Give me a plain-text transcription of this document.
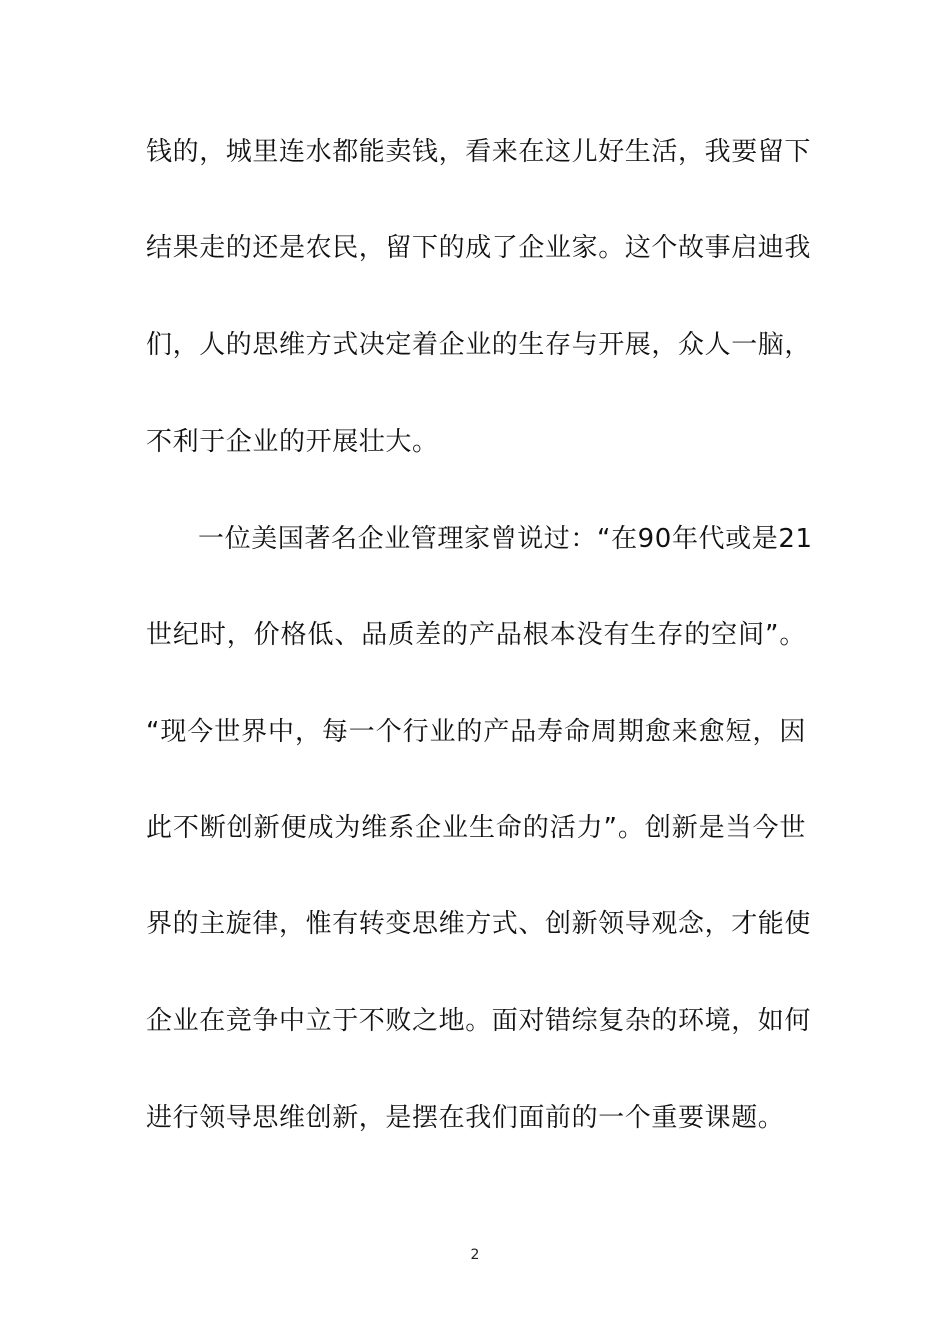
钱的，城里连水都能卖钱，看来在这儿好生活，我要留下
结果走的还是农民，留下的成了企业家。这个故事启迪我
们，人的思维方式决定着企业的生存与开展，众人一脑，
不利于企业的开展壮大。
一位美国著名企业管理家曾说过：“在90年代或是21
世纪时，价格低、品质差的产品根本没有生存的空间”。
“现今世界中，每一个行业的产品寿命周期愈来愈短，因
此不断创新便成为维系企业生命的活力”。创新是当今世
界的主旋律，惟有转变思维方式、创新领导观念，才能使
企业在竞争中立于不败之地。面对错综复杂的环境，如何
进行领导思维创新，是摆在我们面前的一个重要课题。
2
